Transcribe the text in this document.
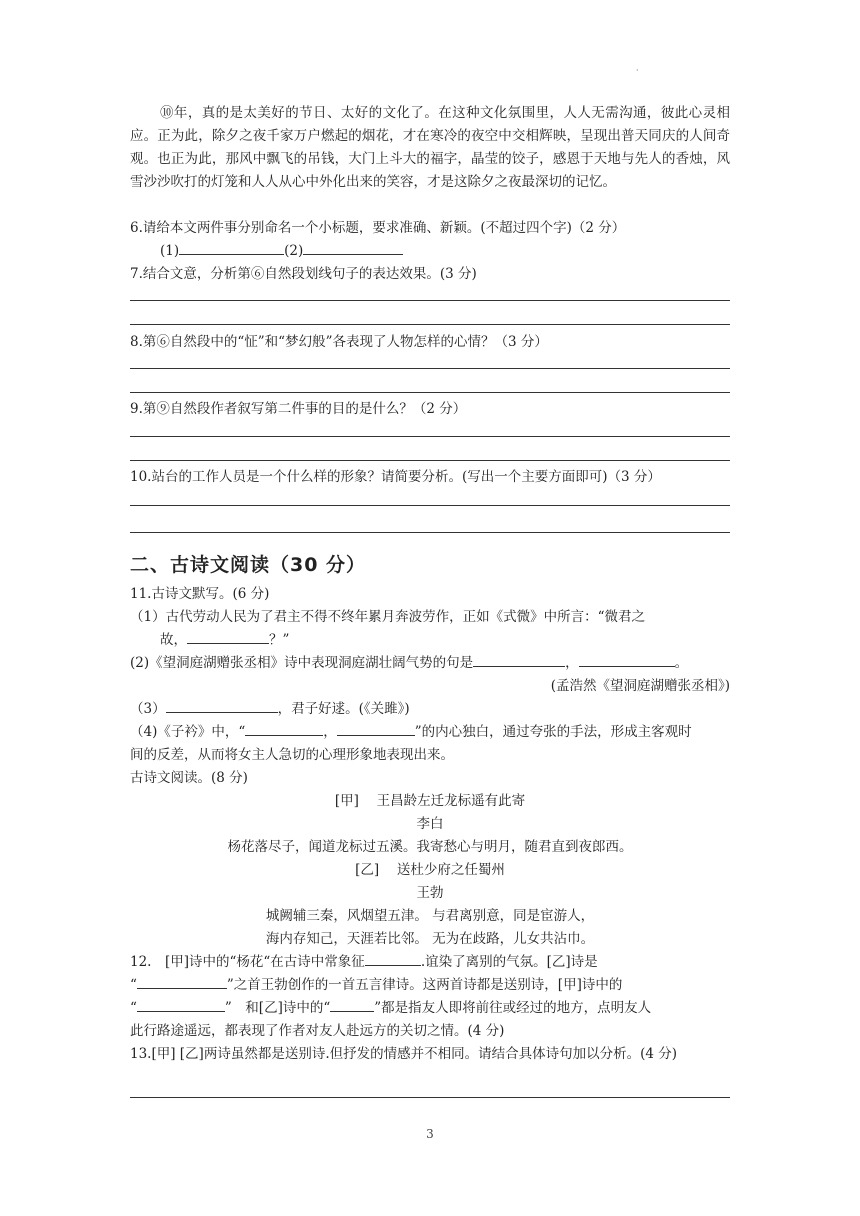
·
⑩年，真的是太美好的节日、太好的文化了。在这种文化氛围里，人人无需沟通，彼此心灵相应。正为此，除夕之夜千家万户燃起的烟花，才在寒冷的夜空中交相辉映，呈现出普天同庆的人间奇观。也正为此，那风中飘飞的吊钱，大门上斗大的福字，晶莹的饺子，感恩于天地与先人的香烛，风雪沙沙吹打的灯笼和人人从心中外化出来的笑容，才是这除夕之夜最深切的记忆。
6.请给本文两件事分别命名一个小标题，要求准确、新颖。(不超过四个字)（2 分）
(1)	(2)
7.结合文意，分析第⑥自然段划线句子的表达效果。(3 分)
8.第⑥自然段中的“怔”和“梦幻般”各表现了人物怎样的心情？（3 分）
9.第⑨自然段作者叙写第二件事的目的是什么？（2 分）
10.站台的工作人员是一个什么样的形象？请简要分析。(写出一个主要方面即可)（3 分）
二、古诗文阅读（30 分）
11.古诗文默写。(6 分)
（1）古代劳动人民为了君主不得不终年累月奔波劳作，正如《式微》中所言：“微君之
故，	？”
(2)《望洞庭湖赠张丞相》诗中表现洞庭湖壮阔气势的句是	，	。
(孟浩然《望洞庭湖赠张丞相》)
（3）	，君子好逑。(《关雎》)
（4)《子衿》中，“	，	”的内心独白，通过夸张的手法，形成主客观时
间的反差，从而将女主人急切的心理形象地表现出来。
古诗文阅读。(8 分)
[甲]　 王昌龄左迁龙标遥有此寄
李白
杨花落尽子，闻道龙标过五溪。我寄愁心与明月，随君直到夜郎西。
[乙]　 送杜少府之任蜀州
王勃
城阙辅三秦，风烟望五津。 与君离别意，同是宦游人，
海内存知己，天涯若比邻。 无为在歧路，儿女共沾巾。
12.　[甲]诗中的“杨花“在古诗中常象征	.谊染了离别的气氛。[乙]诗是
“	”之首王勃创作的一首五言律诗。这两首诗都是送别诗，[甲]诗中的
“	”　和[乙]诗中的“	”都是指友人即将前往或经过的地方，点明友人
此行路途遥远，都表现了作者对友人赴远方的关切之情。(4 分)
13.[甲] [乙]两诗虽然都是送别诗.但抒发的情感并不相同。请结合具体诗句加以分析。(4 分)
3
